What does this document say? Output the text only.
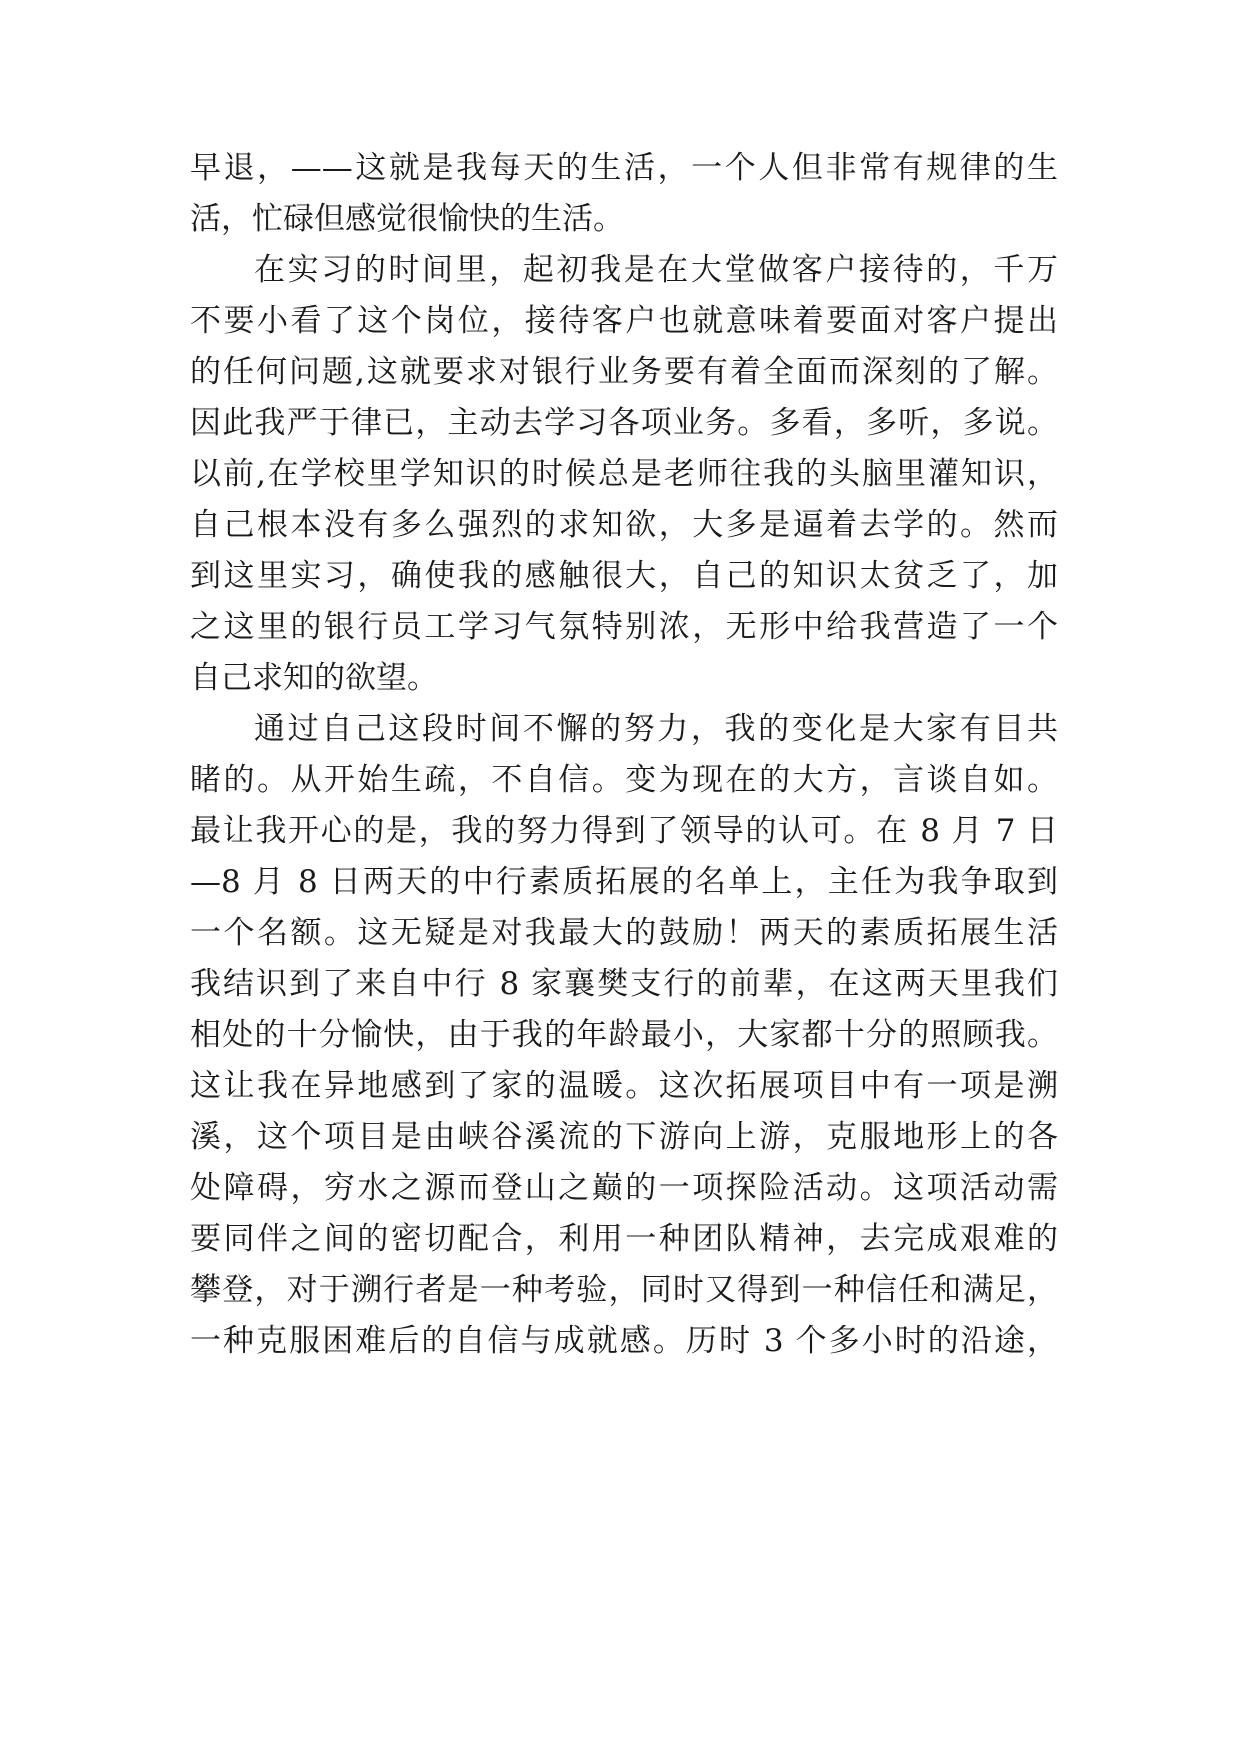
早退，——这就是我每天的生活，一个人但非常有规律的生
活，忙碌但感觉很愉快的生活。
在实习的时间里，起初我是在大堂做客户接待的，千万
不要小看了这个岗位，接待客户也就意味着要面对客户提出
的任何问题,这就要求对银行业务要有着全面而深刻的了解。
因此我严于律已，主动去学习各项业务。多看，多听，多说。
以前,在学校里学知识的时候总是老师往我的头脑里灌知识，
自己根本没有多么强烈的求知欲，大多是逼着去学的。然而
到这里实习，确使我的感触很大，自己的知识太贫乏了，加
之这里的银行员工学习气氛特别浓，无形中给我营造了一个
自己求知的欲望。
通过自己这段时间不懈的努力，我的变化是大家有目共
睹的。从开始生疏，不自信。变为现在的大方，言谈自如。
最让我开心的是，我的努力得到了领导的认可。在 8 月 7 日
—8 月 8 日两天的中行素质拓展的名单上，主任为我争取到
一个名额。这无疑是对我最大的鼓励！两天的素质拓展生活
我结识到了来自中行 8 家襄樊支行的前辈，在这两天里我们
相处的十分愉快，由于我的年龄最小，大家都十分的照顾我。
这让我在异地感到了家的温暖。这次拓展项目中有一项是溯
溪，这个项目是由峡谷溪流的下游向上游，克服地形上的各
处障碍，穷水之源而登山之巅的一项探险活动。这项活动需
要同伴之间的密切配合，利用一种团队精神，去完成艰难的
攀登，对于溯行者是一种考验，同时又得到一种信任和满足，
一种克服困难后的自信与成就感。历时 3 个多小时的沿途，
